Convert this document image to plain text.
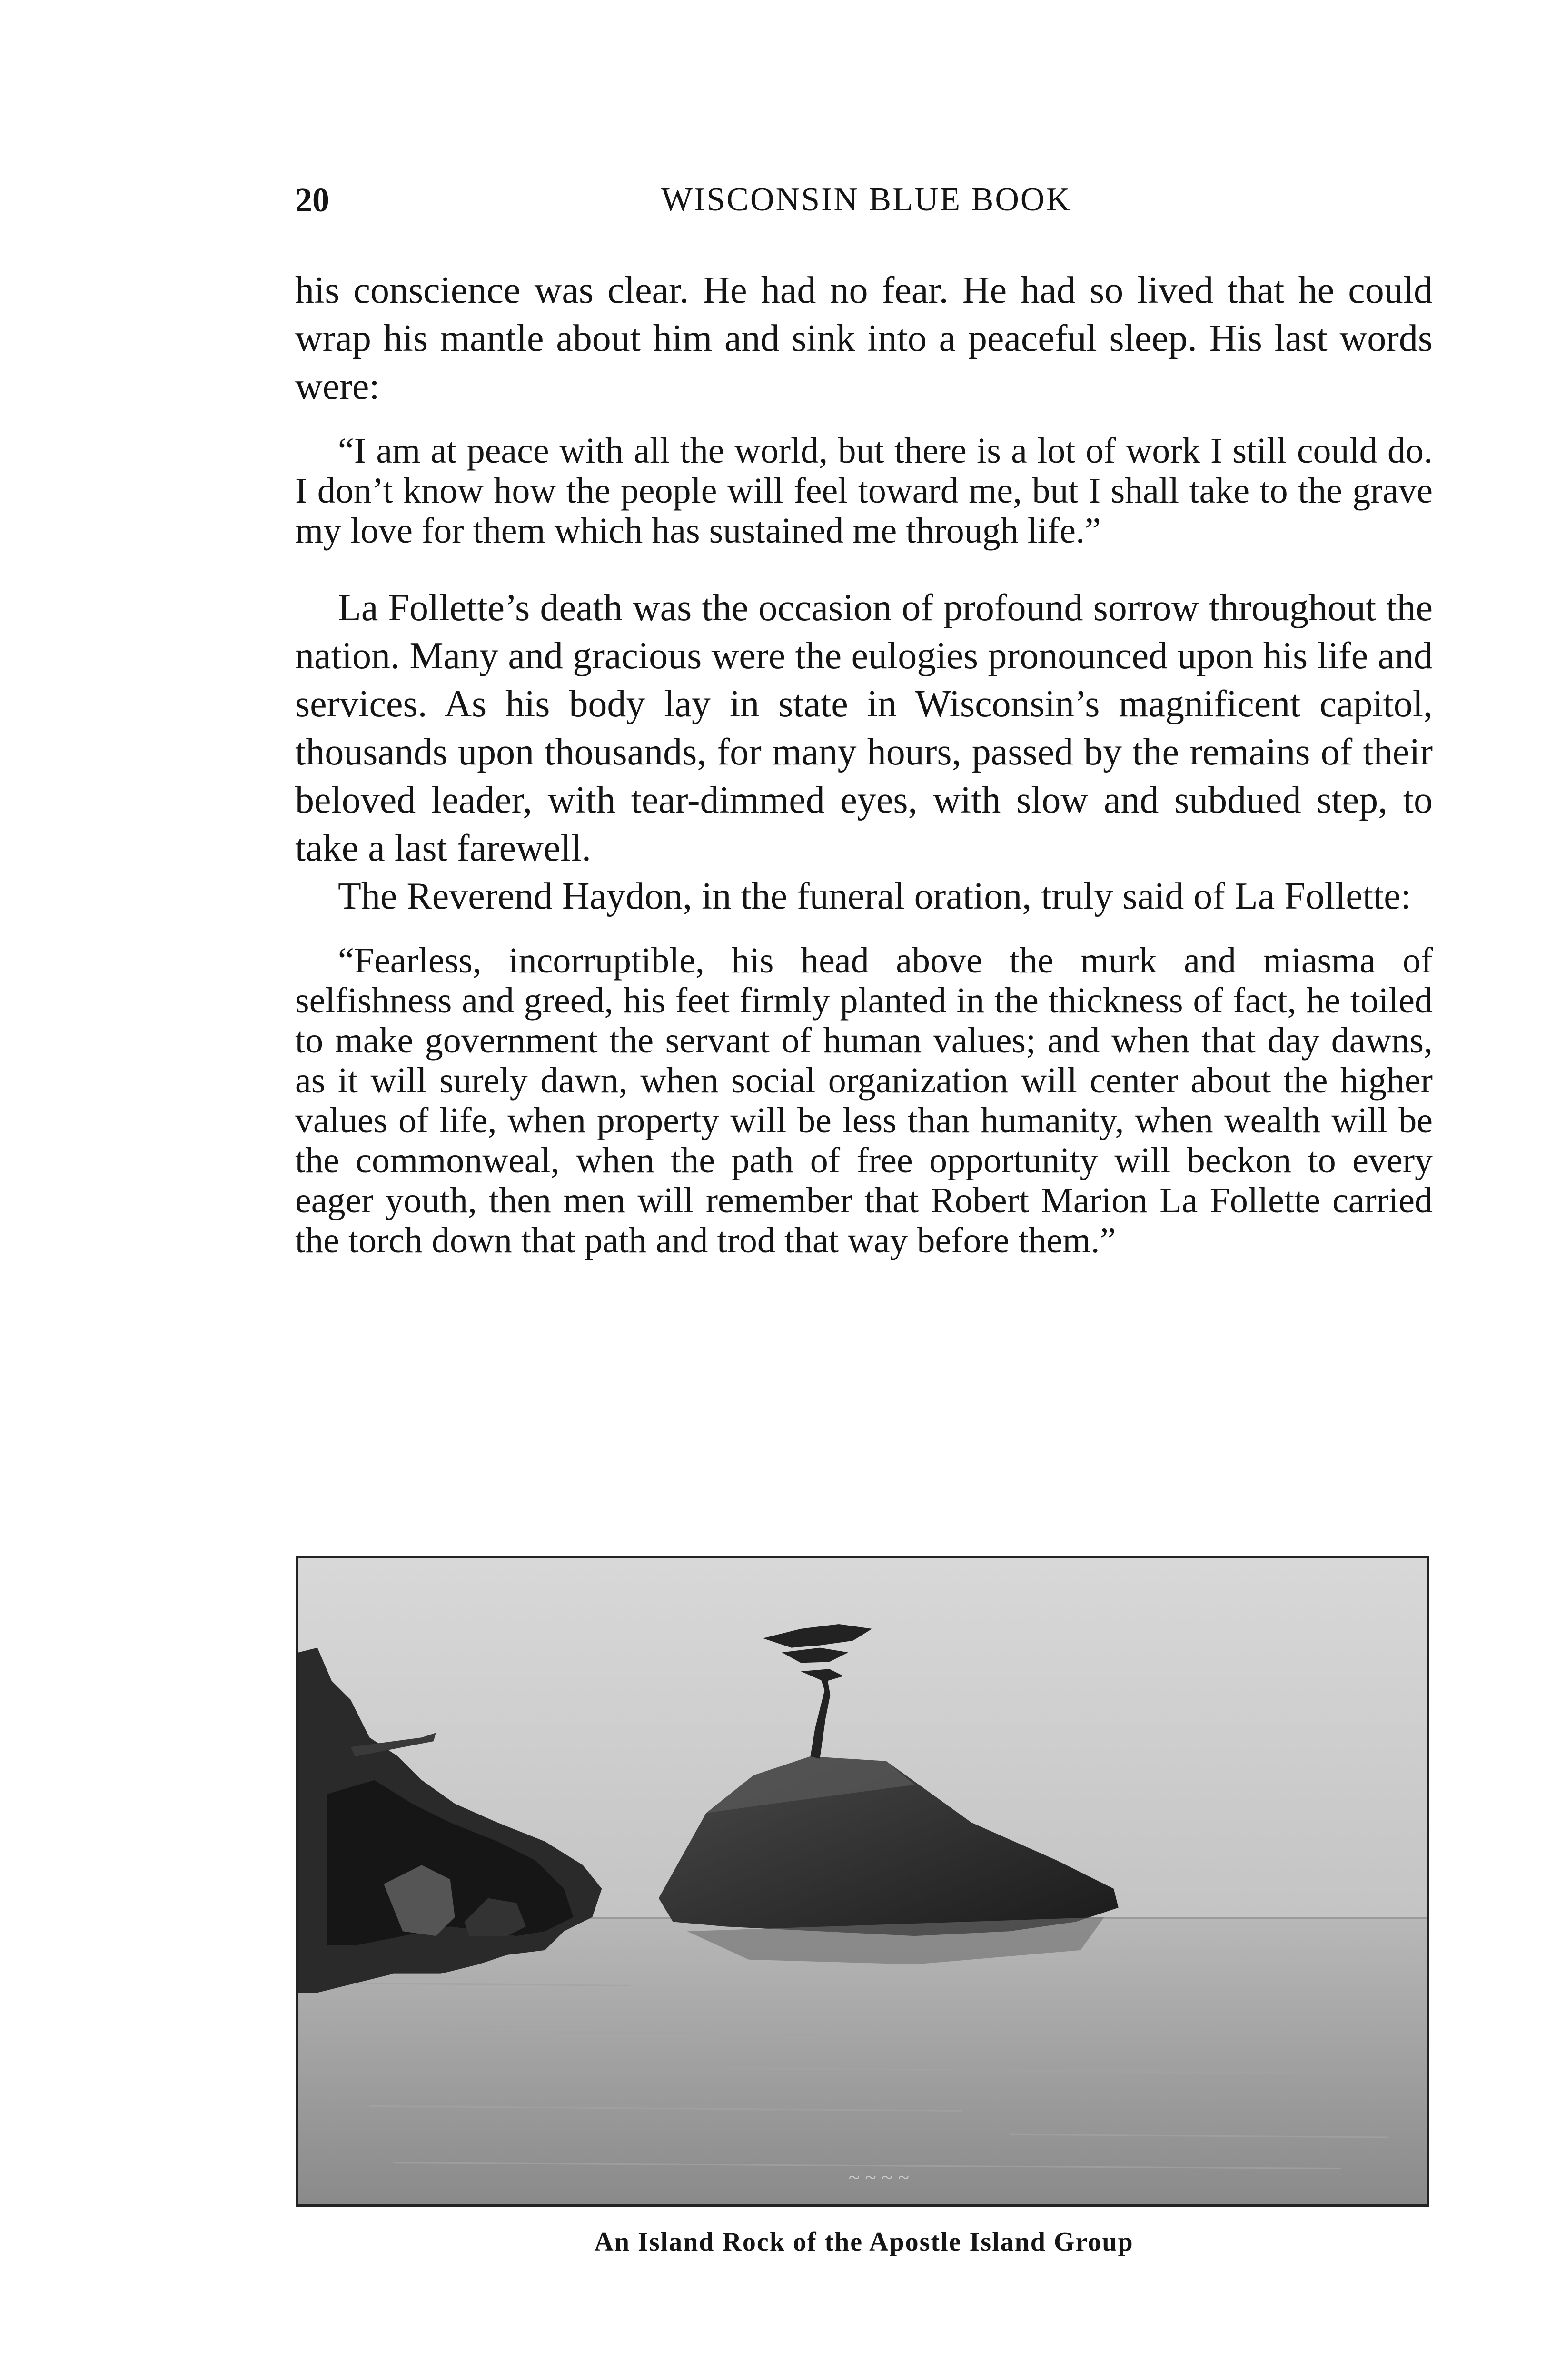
WISCONSIN BLUE BOOK
20

his conscience was clear. He had no fear. He had so lived that he could wrap his mantle about him and sink into a peaceful sleep. His last words were:

“I am at peace with all the world, but there is a lot of work I still could do. I don’t know how the people will feel toward me, but I shall take to the grave my love for them which has sustained me through life.”

La Follette’s death was the occasion of profound sorrow throughout the nation. Many and gracious were the eulogies pronounced upon his life and services. As his body lay in state in Wisconsin’s magnificent capitol, thousands upon thousands, for many hours, passed by the remains of their beloved leader, with tear-dimmed eyes, with slow and subdued step, to take a last farewell.

The Reverend Haydon, in the funeral oration, truly said of La Follette:

“Fearless, incorruptible, his head above the murk and miasma of selfishness and greed, his feet firmly planted in the thickness of fact, he toiled to make government the servant of human values; and when that day dawns, as it will surely dawn, when social organization will center about the higher values of life, when property will be less than humanity, when wealth will be the commonweal, when the path of free opportunity will beckon to every eager youth, then men will remember that Robert Marion La Follette carried the torch down that path and trod that way before them.”

~ ~ ~ ~
An Island Rock of the Apostle Island Group
